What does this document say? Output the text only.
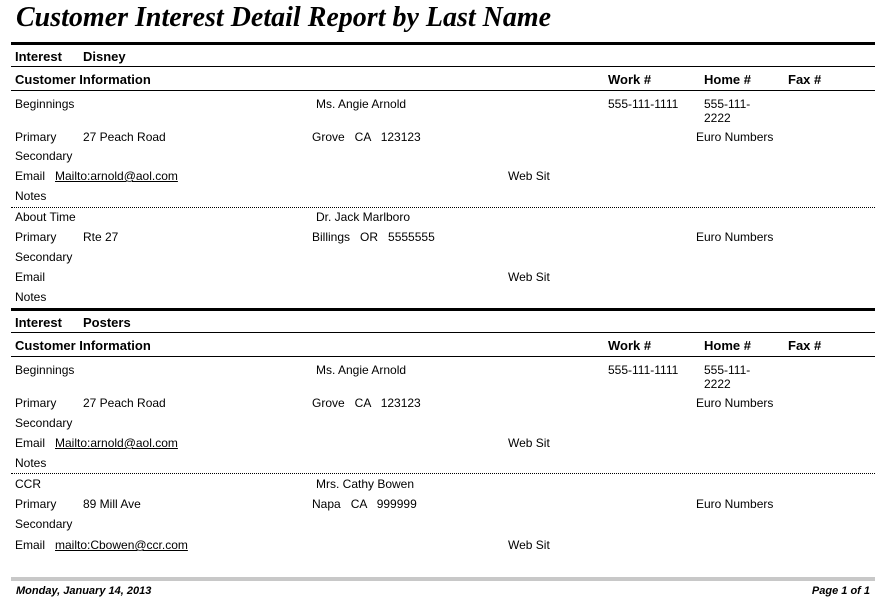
Customer Interest Detail Report by Last Name
Interest Disney
Customer Information	Work #	Home #	Fax #
Beginnings	Ms. Angie Arnold	555-111-1111 555-111-2222
Primary 27 Peach Road	Grove   CA   123123	Euro Numbers
Secondary
Email Mailto:arnold@aol.com	Web Sit
Notes
About Time	Dr. Jack Marlboro
Primary Rte 27	Billings   OR   5555555	Euro Numbers
Secondary
Email	Web Sit
Notes
Interest Posters
Customer Information	Work #	Home #	Fax #
Beginnings	Ms. Angie Arnold	555-111-1111 555-111-2222
Primary 27 Peach Road	Grove   CA   123123	Euro Numbers
Secondary
Email Mailto:arnold@aol.com	Web Sit
Notes
CCR	Mrs. Cathy Bowen
Primary 89 Mill Ave	Napa   CA   999999	Euro Numbers
Secondary
Email mailto:Cbowen@ccr.com	Web Sit
Monday, January 14, 2013	Page 1 of 1
